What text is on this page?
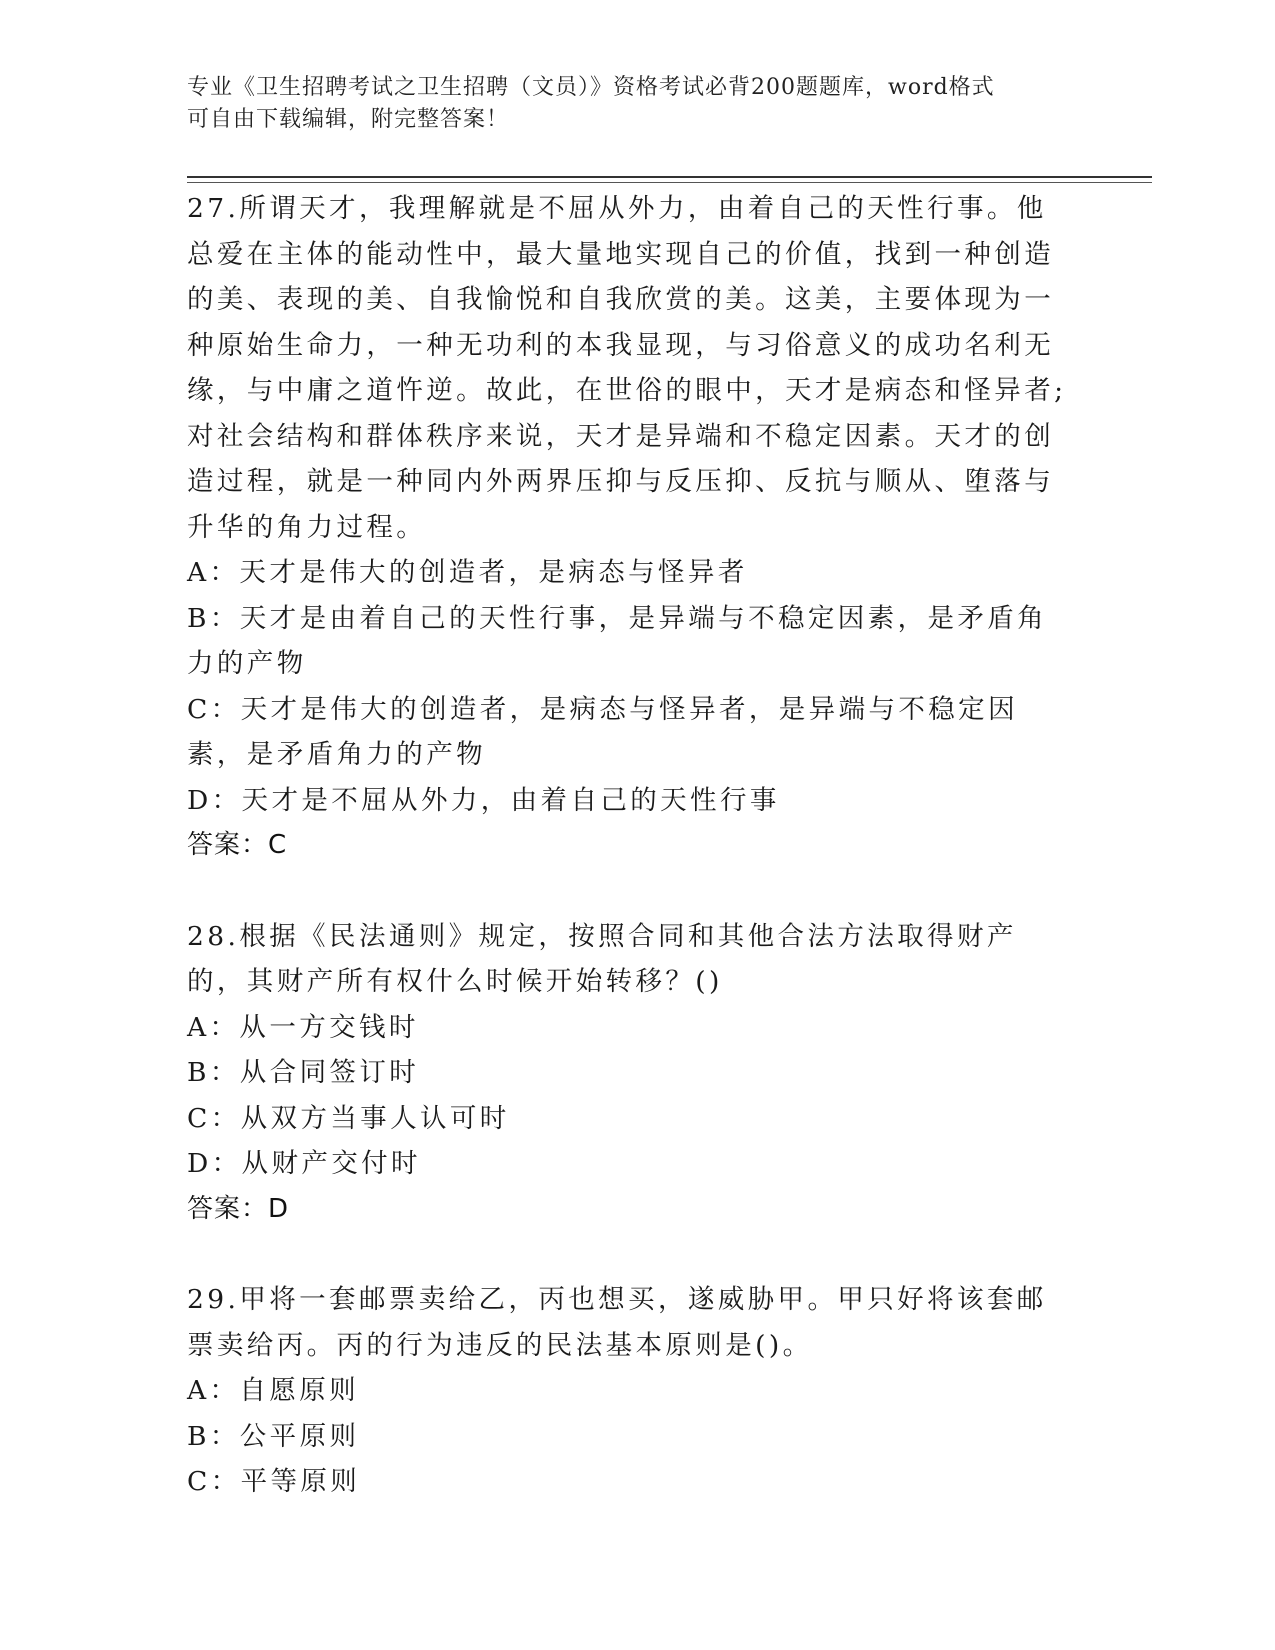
专业《卫生招聘考试之卫生招聘（文员）》资格考试必背200题题库，word格式
可自由下载编辑，附完整答案！

27.所谓天才，我理解就是不屈从外力，由着自己的天性行事。他总爱在主体的能动性中，最大量地实现自己的价值，找到一种创造的美、表现的美、自我愉悦和自我欣赏的美。这美，主要体现为一种原始生命力，一种无功利的本我显现，与习俗意义的成功名利无缘，与中庸之道忤逆。故此，在世俗的眼中，天才是病态和怪异者;对社会结构和群体秩序来说，天才是异端和不稳定因素。天才的创造过程，就是一种同内外两界压抑与反压抑、反抗与顺从、堕落与升华的角力过程。

A：天才是伟大的创造者，是病态与怪异者

B：天才是由着自己的天性行事，是异端与不稳定因素，是矛盾角力的产物

C：天才是伟大的创造者，是病态与怪异者，是异端与不稳定因素，是矛盾角力的产物

D：天才是不屈从外力，由着自己的天性行事

答案：C

28.根据《民法通则》规定，按照合同和其他合法方法取得财产的，其财产所有权什么时候开始转移？()

A：从一方交钱时

B：从合同签订时

C：从双方当事人认可时

D：从财产交付时

答案：D

29.甲将一套邮票卖给乙，丙也想买，遂威胁甲。甲只好将该套邮票卖给丙。丙的行为违反的民法基本原则是()。

A：自愿原则

B：公平原则

C：平等原则
